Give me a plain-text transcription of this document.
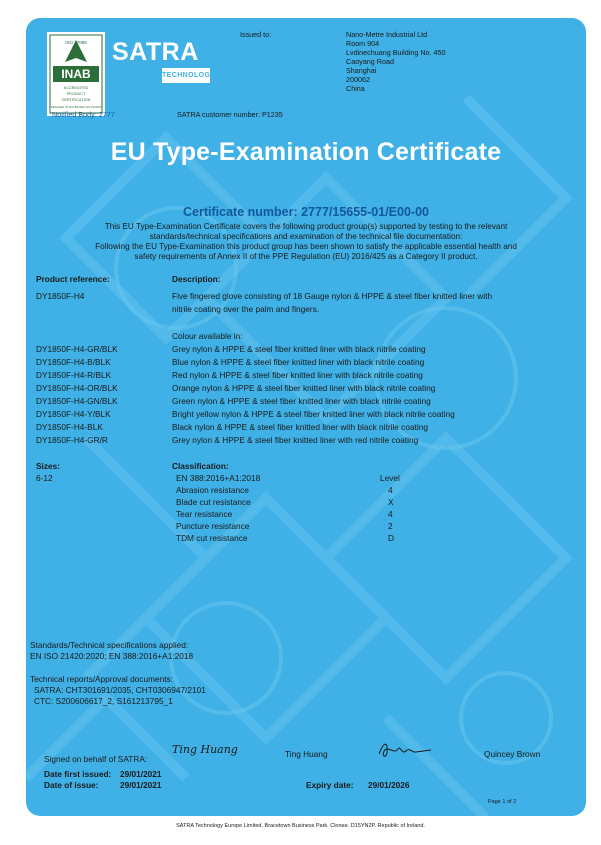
ISO 17065
INAB
ACCREDITED
PRODUCT
CERTIFICATION
DETAILED IN SCOPE REG NO.PC0001
SATRA
TECHNOLOGY
Issued to:	Nano-Metre Industrial Ltd
Room 904
Lvdinechuang Building No. 450
Caoyang Road
Shanghai
200062
China
Notified Body: 2777	SATRA customer number: P1235
EU Type-Examination Certificate
Certificate number: 2777/15655-01/E00-00
This EU Type-Examination Certificate covers the following product group(s) supported by testing to the relevant
standards/technical specifications and examination of the technical file documentation:
Following the EU Type-Examination this product group has been shown to satisfy the applicable essential health and
safety requirements of Annex II of the PPE Regulation (EU) 2016/425 as a Category II product.
Product reference:	Description:
DY1850F-H4	Five fingered glove consisting of 18 Gauge nylon & HPPE & steel fiber knitted liner with
nitrile coating over the palm and fingers.
Colour available in:
DY1850F-H4-GR/BLK	Grey nylon & HPPE & steel fiber knitted liner with black nitrile coating
DY1850F-H4-B/BLK	Blue nylon & HPPE & steel fiber knitted liner with black nitrile coating
DY1850F-H4-R/BLK	Red nylon & HPPE & steel fiber knitted liner with black nitrile coating
DY1850F-H4-OR/BLK	Orange nylon & HPPE & steel fiber knitted liner with black nitrile coating
DY1850F-H4-GN/BLK	Green nylon & HPPE & steel fiber knitted liner with black nitrile coating
DY1850F-H4-Y/BLK	Bright yellow nylon & HPPE & steel fiber knitted liner with black nitrile coating
DY1850F-H4-BLK	Black nylon & HPPE & steel fiber knitted liner with black nitrile coating
DY1850F-H4-GR/R	Grey nylon & HPPE & steel fiber knitted liner with red nitrile coating
Sizes:	Classification:
6-12	EN 388:2016+A1:2018	Level
Abrasion resistance	4
Blade cut resistance	X
Tear resistance	4
Puncture resistance	2
TDM cut resistance	D
Standards/Technical specifications applied:
EN ISO 21420:2020; EN 388:2016+A1:2018
Technical reports/Approval documents:
SATRA: CHT301691/2035, CHT0306947/2101
CTC: S200606617_2, S161213795_1
Signed on behalf of SATRA:
Ting Huang	Ting Huang	Quincey Brown
Date first issued: 29/01/2021
Date of issue:	29/01/2021	Expiry date: 29/01/2026
Page 1 of 2
SATRA Technology Europe Limited. Bracetown Business Park. Clonee. D15YN2P. Republic of Ireland.
